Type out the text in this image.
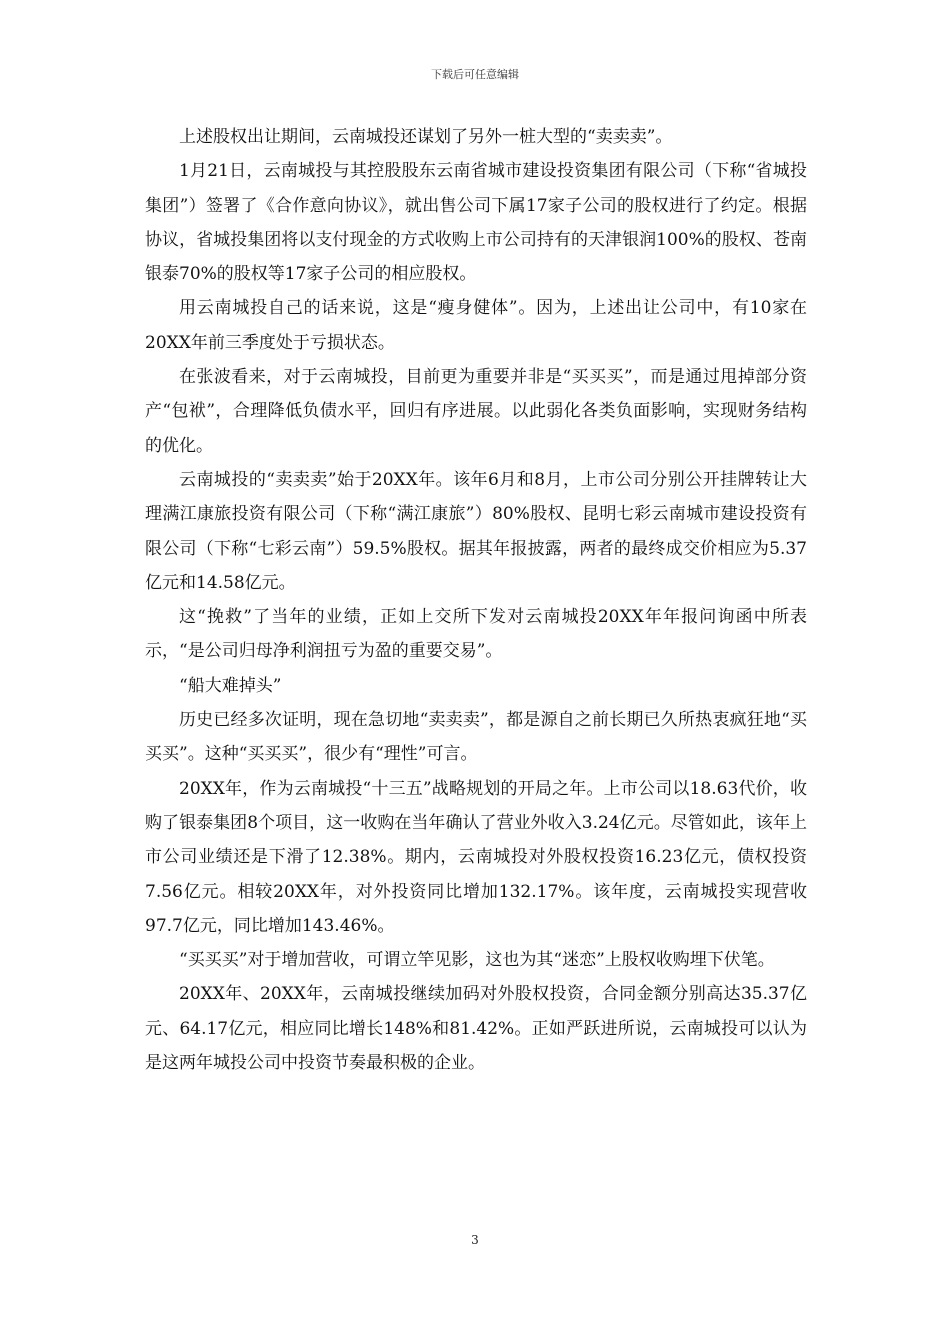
下载后可任意编辑

上述股权出让期间，云南城投还谋划了另外一桩大型的“卖卖卖”。

1月21日，云南城投与其控股股东云南省城市建设投资集团有限公司（下称“省城投集团”）签署了《合作意向协议》，就出售公司下属17家子公司的股权进行了约定。根据协议，省城投集团将以支付现金的方式收购上市公司持有的天津银润100%的股权、苍南银泰70%的股权等17家子公司的相应股权。

用云南城投自己的话来说，这是“瘦身健体”。因为，上述出让公司中，有10家在20XX年前三季度处于亏损状态。

在张波看来，对于云南城投，目前更为重要并非是“买买买”，而是通过甩掉部分资产“包袱”，合理降低负债水平，回归有序进展。以此弱化各类负面影响，实现财务结构的优化。

云南城投的“卖卖卖”始于20XX年。该年6月和8月，上市公司分别公开挂牌转让大理满江康旅投资有限公司（下称“满江康旅”）80%股权、昆明七彩云南城市建设投资有限公司（下称“七彩云南”）59.5%股权。据其年报披露，两者的最终成交价相应为5.37亿元和14.58亿元。

这“挽救”了当年的业绩，正如上交所下发对云南城投20XX年年报问询函中所表示，“是公司归母净利润扭亏为盈的重要交易”。

“船大难掉头”

历史已经多次证明，现在急切地“卖卖卖”，都是源自之前长期已久所热衷疯狂地“买买买”。这种“买买买”，很少有“理性”可言。

20XX年，作为云南城投“十三五”战略规划的开局之年。上市公司以18.63代价，收购了银泰集团8个项目，这一收购在当年确认了营业外收入3.24亿元。尽管如此，该年上市公司业绩还是下滑了12.38%。期内，云南城投对外股权投资16.23亿元，债权投资7.56亿元。相较20XX年，对外投资同比增加132.17%。该年度，云南城投实现营收97.7亿元，同比增加143.46%。

“买买买”对于增加营收，可谓立竿见影，这也为其“迷恋”上股权收购埋下伏笔。

20XX年、20XX年，云南城投继续加码对外股权投资，合同金额分别高达35.37亿元、64.17亿元，相应同比增长148%和81.42%。正如严跃进所说，云南城投可以认为是这两年城投公司中投资节奏最积极的企业。

3
